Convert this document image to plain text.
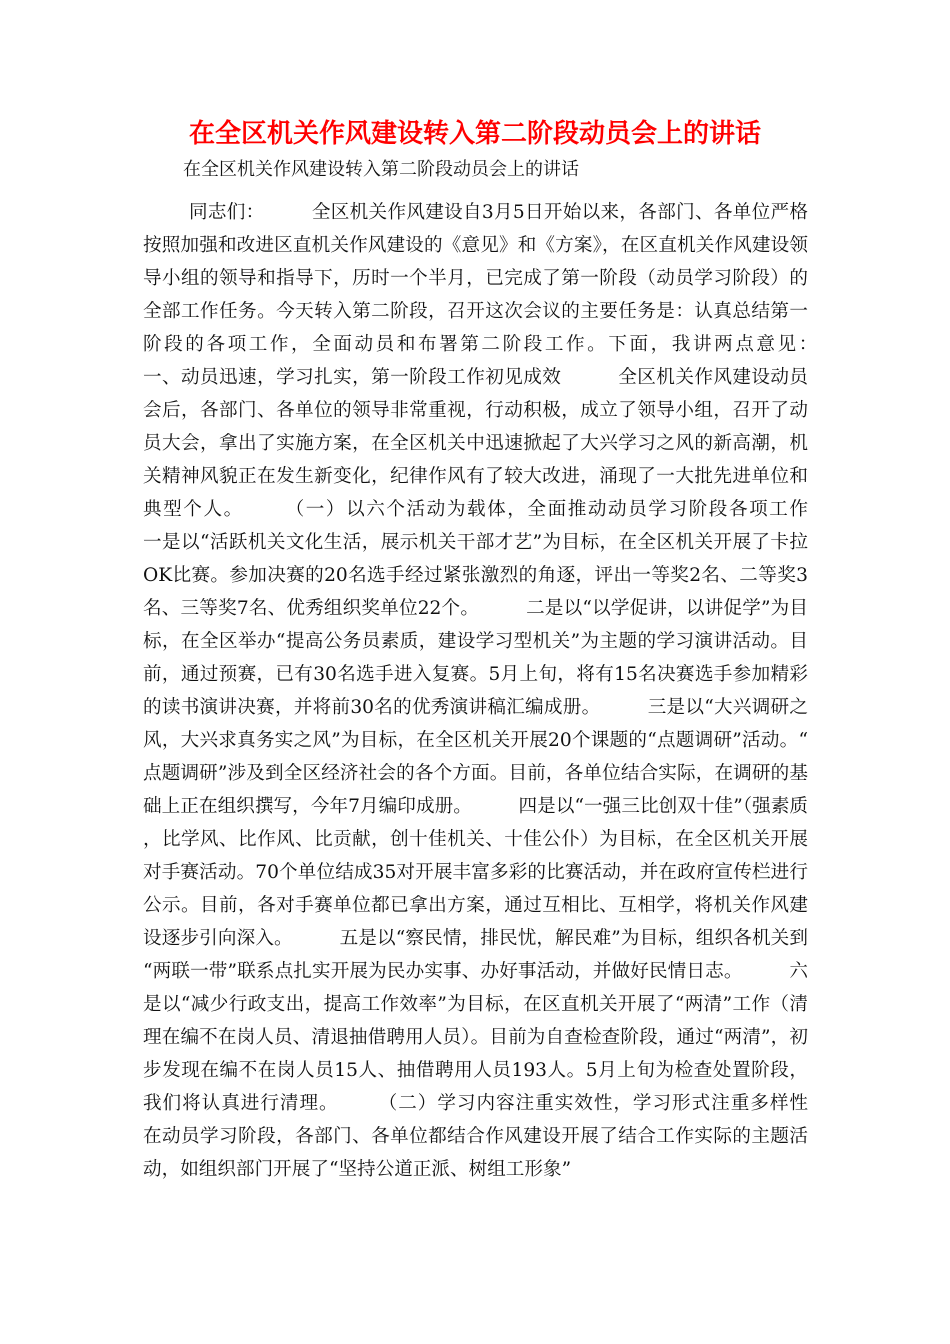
在全区机关作风建设转入第二阶段动员会上的讲话

在全区机关作风建设转入第二阶段动员会上的讲话

同志们：　　　全区机关作风建设自3月5日开始以来，各部门、各单位严格按照加强和改进区直机关作风建设的《意见》和《方案》，在区直机关作风建设领导小组的领导和指导下，历时一个半月，已完成了第一阶段（动员学习阶段）的全部工作任务。今天转入第二阶段，召开这次会议的主要任务是：认真总结第一阶段的各项工作，全面动员和布署第二阶段工作。下面，我讲两点意见：　　　　一、动员迅速，学习扎实，第一阶段工作初见成效　　　全区机关作风建设动员会后，各部门、各单位的领导非常重视，行动积极，成立了领导小组，召开了动员大会，拿出了实施方案，在全区机关中迅速掀起了大兴学习之风的新高潮，机关精神风貌正在发生新变化，纪律作风有了较大改进，涌现了一大批先进单位和典型个人。　　　（一）以六个活动为载体，全面推动动员学习阶段各项工作　　　一是以“活跃机关文化生活，展示机关干部才艺”为目标，在全区机关开展了卡拉OK比赛。参加决赛的20名选手经过紧张激烈的角逐，评出一等奖2名、二等奖3名、三等奖7名、优秀组织奖单位22个。　　　二是以“以学促讲，以讲促学”为目标，在全区举办“提高公务员素质，建设学习型机关”为主题的学习演讲活动。目前，通过预赛，已有30名选手进入复赛。5月上旬，将有15名决赛选手参加精彩的读书演讲决赛，并将前30名的优秀演讲稿汇编成册。　　　三是以“大兴调研之风，大兴求真务实之风”为目标，在全区机关开展20个课题的“点题调研”活动。“点题调研”涉及到全区经济社会的各个方面。目前，各单位结合实际，在调研的基础上正在组织撰写，今年7月编印成册。　　　四是以“一强三比创双十佳”（强素质，比学风、比作风、比贡献，创十佳机关、十佳公仆）为目标，在全区机关开展对手赛活动。70个单位结成35对开展丰富多彩的比赛活动，并在政府宣传栏进行公示。目前，各对手赛单位都已拿出方案，通过互相比、互相学，将机关作风建设逐步引向深入。　　　五是以“察民情，排民忧，解民难”为目标，组织各机关到“两联一带”联系点扎实开展为民办实事、办好事活动，并做好民情日志。　　　六是以“减少行政支出，提高工作效率”为目标，在区直机关开展了“两清”工作（清理在编不在岗人员、清退抽借聘用人员）。目前为自查检查阶段，通过“两清”，初步发现在编不在岗人员15人、抽借聘用人员193人。5月上旬为检查处置阶段，我们将认真进行清理。　　　（二）学习内容注重实效性，学习形式注重多样性　　　在动员学习阶段，各部门、各单位都结合作风建设开展了结合工作实际的主题活动，如组织部门开展了“坚持公道正派、树组工形象”
